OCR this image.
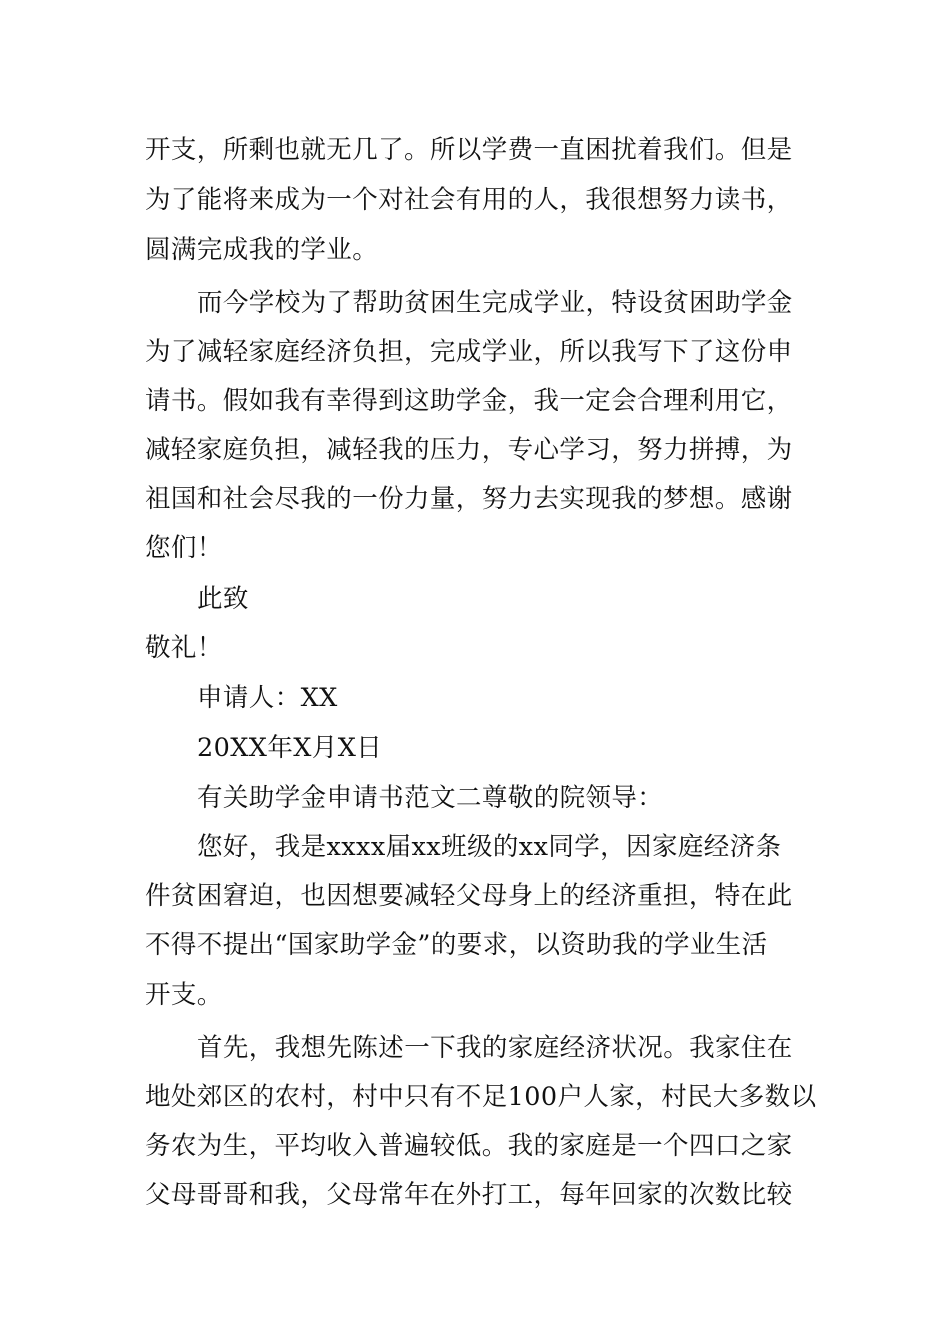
开支，所剩也就无几了。所以学费一直困扰着我们。但是
为了能将来成为一个对社会有用的人，我很想努力读书，
圆满完成我的学业。
而今学校为了帮助贫困生完成学业，特设贫困助学金
为了减轻家庭经济负担，完成学业，所以我写下了这份申
请书。假如我有幸得到这助学金，我一定会合理利用它，
减轻家庭负担，减轻我的压力，专心学习，努力拼搏，为
祖国和社会尽我的一份力量，努力去实现我的梦想。感谢
您们！
此致
敬礼！
申请人：XX
20XX年X月X日
有关助学金申请书范文二尊敬的院领导：
您好，我是xxxx届xx班级的xx同学，因家庭经济条
件贫困窘迫，也因想要减轻父母身上的经济重担，特在此
不得不提出“国家助学金”的要求，以资助我的学业生活
开支。
首先，我想先陈述一下我的家庭经济状况。我家住在
地处郊区的农村，村中只有不足100户人家，村民大多数以
务农为生，平均收入普遍较低。我的家庭是一个四口之家
父母哥哥和我，父母常年在外打工，每年回家的次数比较
